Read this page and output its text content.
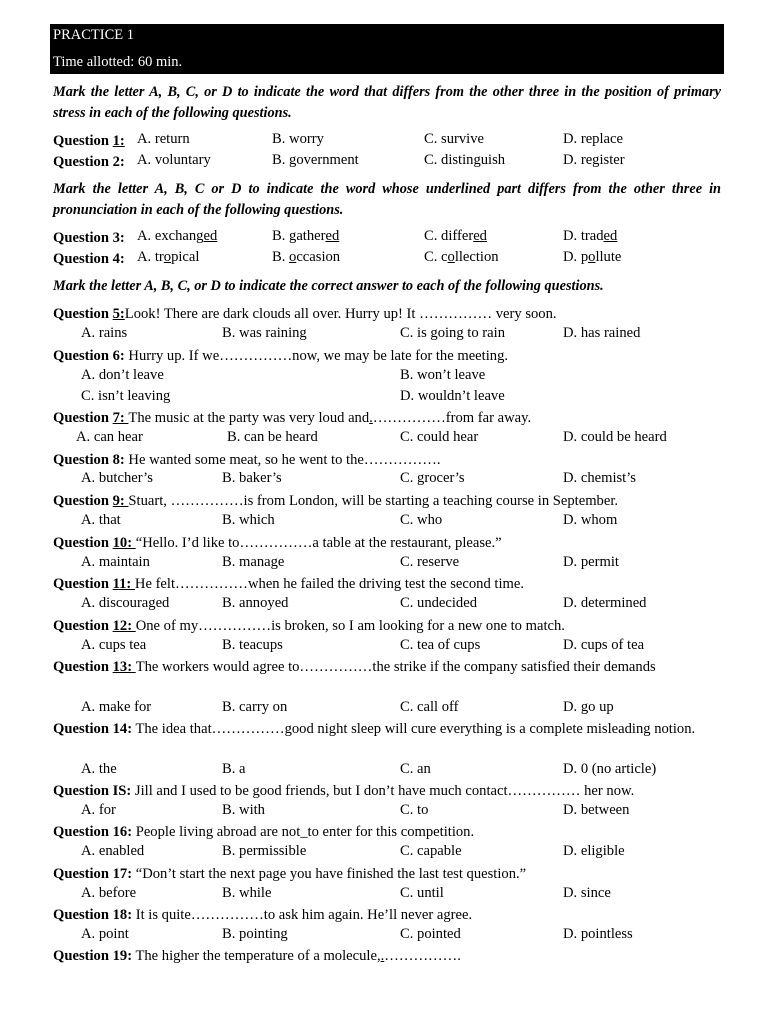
PRACTICE 1
Time allotted: 60 min.
Mark the letter A, B, C, or D to indicate the word that differs from the other three in the position of primary stress in each of the following questions.
Question 1: A. return	B. worry	C. survive	D. replace
Question 2: A. voluntary	B. government	C. distinguish	D. register
Mark the letter A, B, C or D to indicate the word whose underlined part differs from the other three in pronunciation in each of the following questions.
Question 3: A. exchanged	B. gathered	C. differed	D. traded
Question 4: A. tropical	B. occasion	C. collection	D. pollute
Mark the letter A, B, C, or D to indicate the correct answer to each of the following questions.
Question 5:Look! There are dark clouds all over. Hurry up! It …………… very soon.
A. rains	B. was raining	C. is going to rain	D. has rained
Question 6: Hurry up. If we……………now, we may be late for the meeting.
A. don’t leave	B. won’t leave
C. isn’t leaving	D. wouldn’t leave
Question 7: The music at the party was very loud and.……………from far away.
A. can hear	B. can be heard	C. could hear	D. could be heard
Question 8: He wanted some meat, so he went to the…………….
A. butcher’s	B. baker’s	C. grocer’s	D. chemist’s
Question 9: Stuart, ……………is from London, will be starting a teaching course in September.
A. that	B. which	C. who	D. whom
Question 10: “Hello. I’d like to……………a table at the restaurant, please.”
A. maintain	B. manage	C. reserve	D. permit
Question 11: He felt……………when he failed the driving test the second time.
A. discouraged	B. annoyed	C. undecided	D. determined
Question 12: One of my……………is broken, so I am looking for a new one to match.
A. cups tea	B. teacups	C. tea of cups	D. cups of tea
Question 13: The workers would agree to……………the strike if the company satisfied their demands
A. make for	B. carry on	C. call off	D. go up
Question 14: The idea that……………good night sleep will cure everything is a complete misleading notion.
A. the	B. a	C. an	D. 0 (no article)
Question IS: Jill and I used to be good friends, but I don’t have much contact…………… her now.
A. for	B. with	C. to	D. between
Question 16: People living abroad are not_to enter for this competition.
A. enabled	B. permissible	C. capable	D. eligible
Question 17: “Don’t start the next page you have finished the last test question.”
A. before	B. while	C. until	D. since
Question 18: It is quite……………to ask him again. He’ll never agree.
A. point	B. pointing	C. pointed	D. pointless
Question 19: The higher the temperature of a molecule,.…………….
